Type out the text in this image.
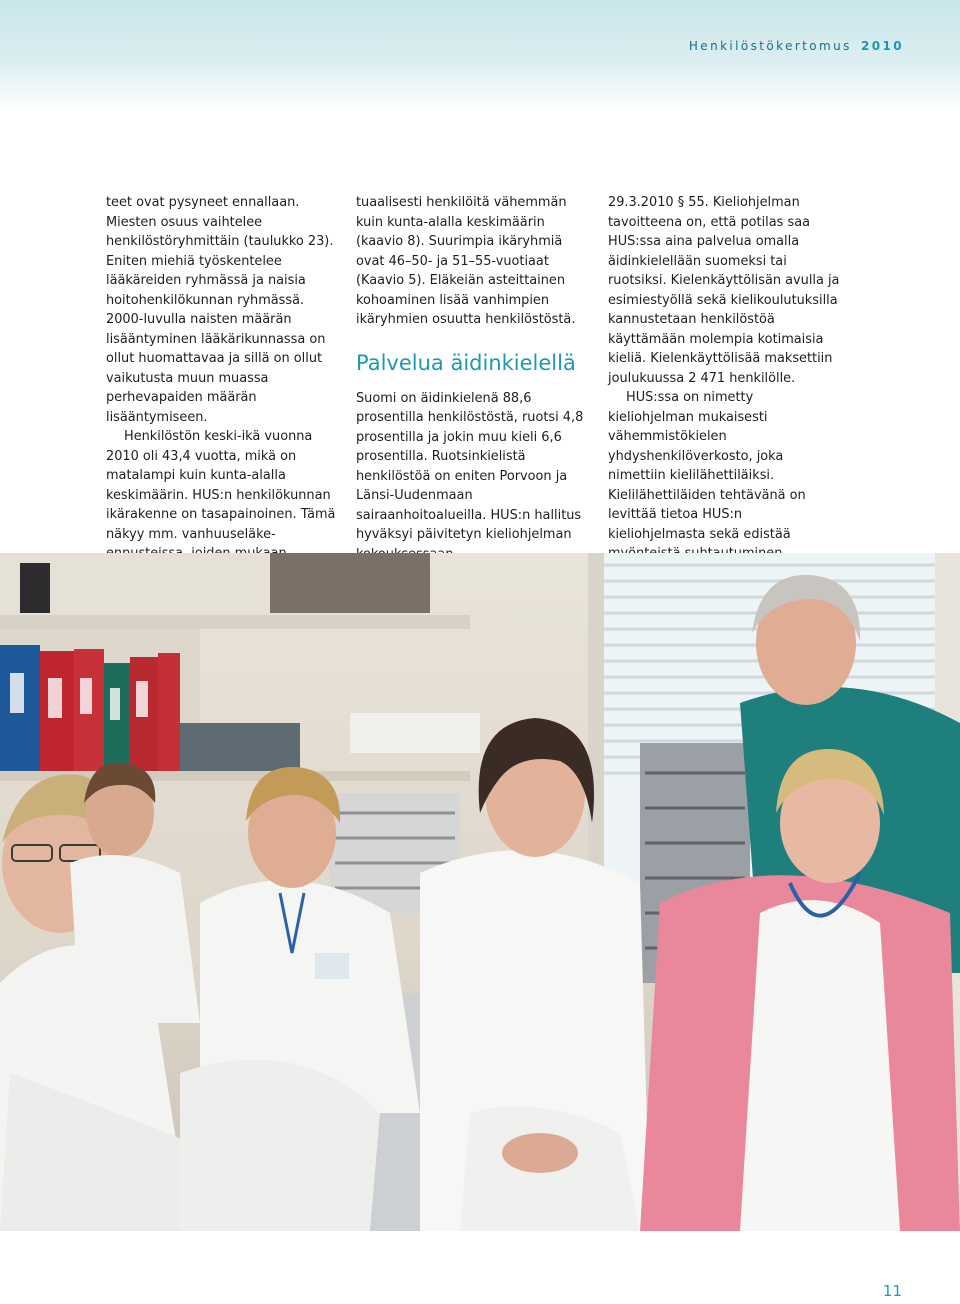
Henkilöstökertomus 2010

teet ovat pysyneet ennallaan. Miesten osuus vaihtelee henkilöstöryhmittäin (taulukko 23). Eniten miehiä työskentelee lääkäreiden ryhmässä ja naisia hoitohenkilökunnan ryhmässä. 2000-luvulla naisten määrän lisääntyminen lääkärikunnassa on ollut huomattavaa ja sillä on ollut vaikutusta muun muassa perhevapaiden määrän lisääntymiseen.

Henkilöstön keski-ikä vuonna 2010 oli 43,4 vuotta, mikä on matalampi kuin kunta-alalla keskimäärin. HUS:n henkilökunnan ikärakenne on tasapainoinen. Tämä näkyy mm. vanhuuseläke-

tuaalisesti henkilöitä vähemmän kuin kunta-alalla keskimäärin (kaavio 8). Suurimpia ikäryhmiä ovat 46–50- ja 51–55-vuotiaat (Kaavio 5). Eläkeiän asteittainen kohoaminen lisää vanhimpien ikäryhmien osuutta henkilöstöstä.

Palvelua äidinkielellä

Suomi on äidinkielenä 88,6 prosentilla henkilöstöstä, ruotsi 4,8 prosentilla ja jokin muu kieli 6,6 prosentilla. Ruotsinkielistä henkilöstöä on eniten Porvoon ja Länsi-Uudenmaan sairaanhoitoalueilla. HUS:n hallitus hyväksyi päivitetyn kieliohjelman

29.3.2010 § 55. Kieliohjelman tavoitteena on, että potilas saa HUS:ssa aina palvelua omalla äidinkielellään suomeksi tai ruotsiksi. Kielenkäyttölisän avulla ja esimiestyöllä sekä kielikoulutuksilla kannustetaan henkilöstöä käyttämään molempia kotimaisia kieliä. Kielenkäyttölisää maksettiin joulukuussa 2 471 henkilölle.

HUS:ssa on nimetty kieliohjelman mukaisesti vähemmistökielen yhdyshenkilöverkosto, joka nimettiin kielilähettiläiksi. Kielilähettiläiden tehtävänä on levittää tietoa HUS:n kieliohjelmasta sekä edistää

11
